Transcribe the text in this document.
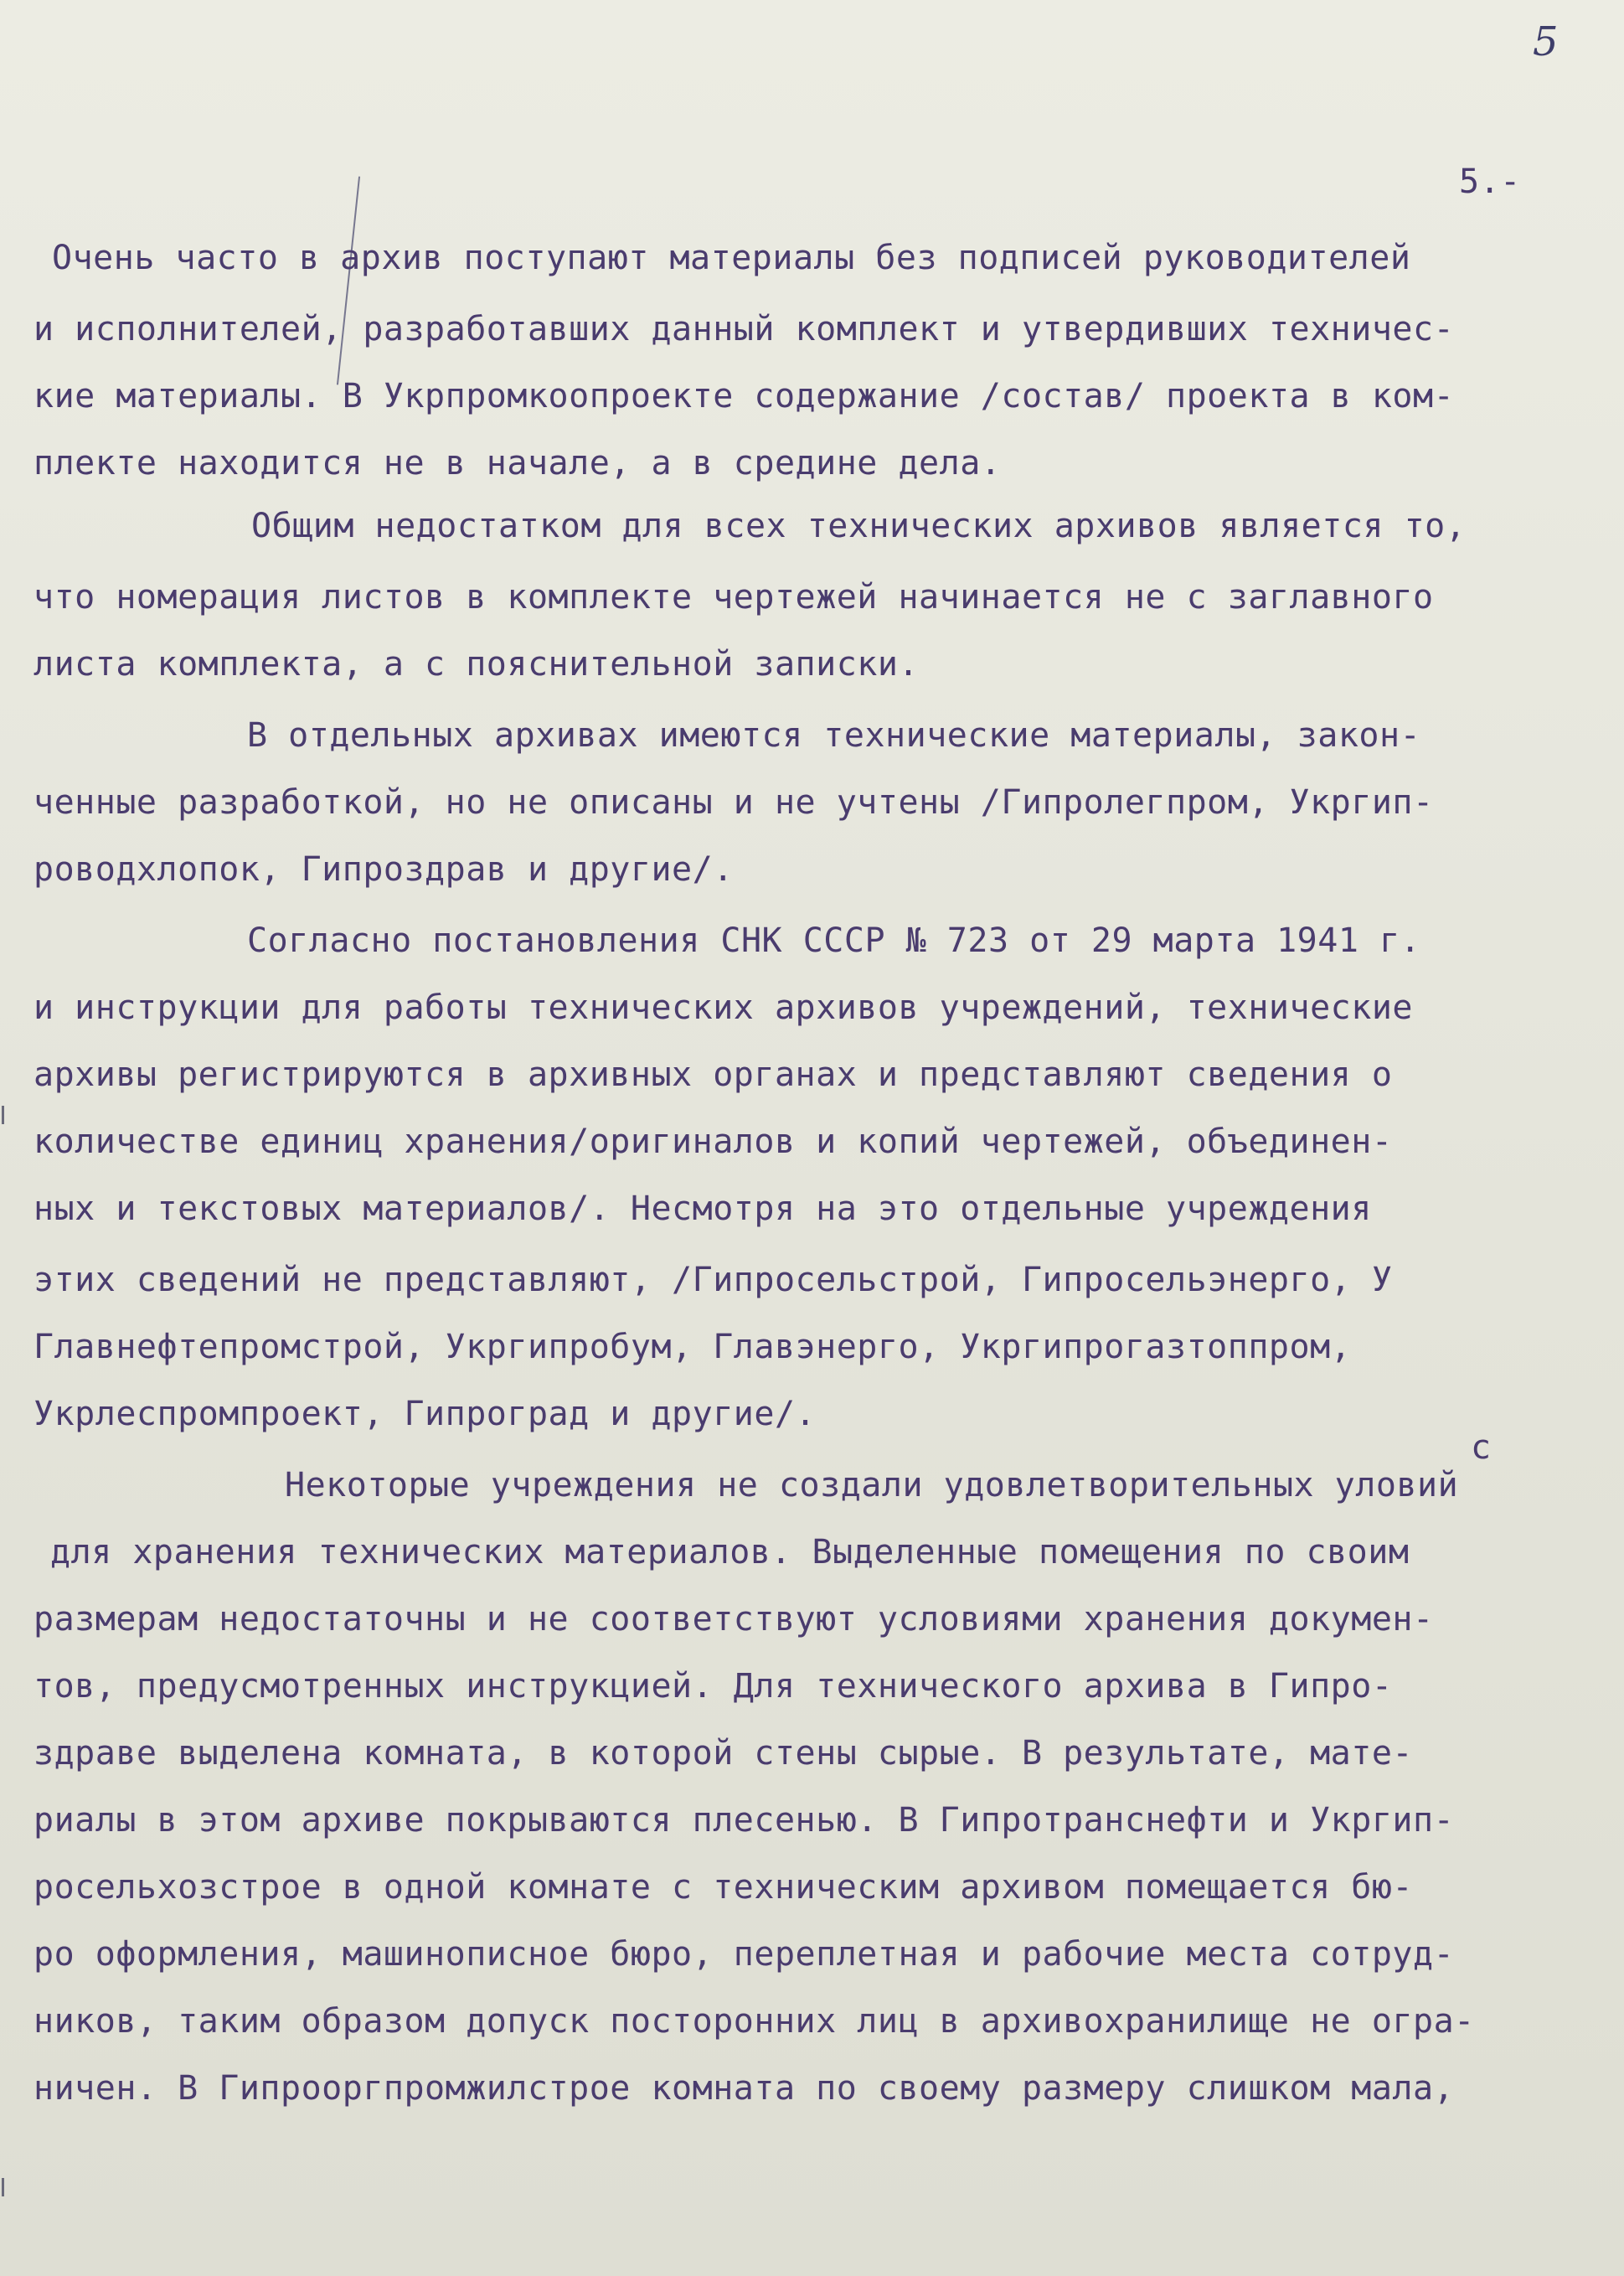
5
5.-
с
Очень часто в архив поступают материалы без подписей руководителей
и исполнителей, разработавших данный комплект и утвердивших техничес-
кие материалы. В Укрпромкоопроекте содержание /состав/ проекта в ком-
плекте находится не в начале, а в средине дела.
Общим недостатком для всех технических архивов является то,
что номерация листов в комплекте чертежей начинается не с заглавного
листа комплекта, а с пояснительной записки.
В отдельных архивах имеются технические материалы, закон-
ченные разработкой, но не описаны и не учтены /Гипролегпром, Укргип-
роводхлопок, Гипроздрав и другие/.
Согласно постановления СНК СССР № 723 от 29 марта 1941 г.
и инструкции для работы технических архивов учреждений, технические
архивы регистрируются в архивных органах и представляют сведения о
количестве единиц хранения/оригиналов и копий чертежей, объединен-
ных и текстовых материалов/. Несмотря на это отдельные учреждения
этих сведений не представляют, /Гипросельстрой, Гипросельэнерго, У
Главнефтепромстрой, Укргипробум, Главэнерго, Укргипрогазтоппром,
Укрлеспромпроект, Гипроград и другие/.
Некоторые учреждения не создали удовлетворительных уловий
для хранения технических материалов. Выделенные помещения по своим
размерам недостаточны и не соответствуют условиями хранения докумен-
тов, предусмотренных инструкцией. Для технического архива в Гипро-
здраве выделена комната, в которой стены сырые. В результате, мате-
риалы в этом архиве покрываются плесенью. В Гипротранснефти и Укргип-
росельхозстрое в одной комнате с техническим архивом помещается бю-
ро оформления, машинописное бюро, переплетная и рабочие места сотруд-
ников, таким образом допуск посторонних лиц в архивохранилище не огра-
ничен. В Гипрооргпромжилстрое комната по своему размеру слишком мала,
